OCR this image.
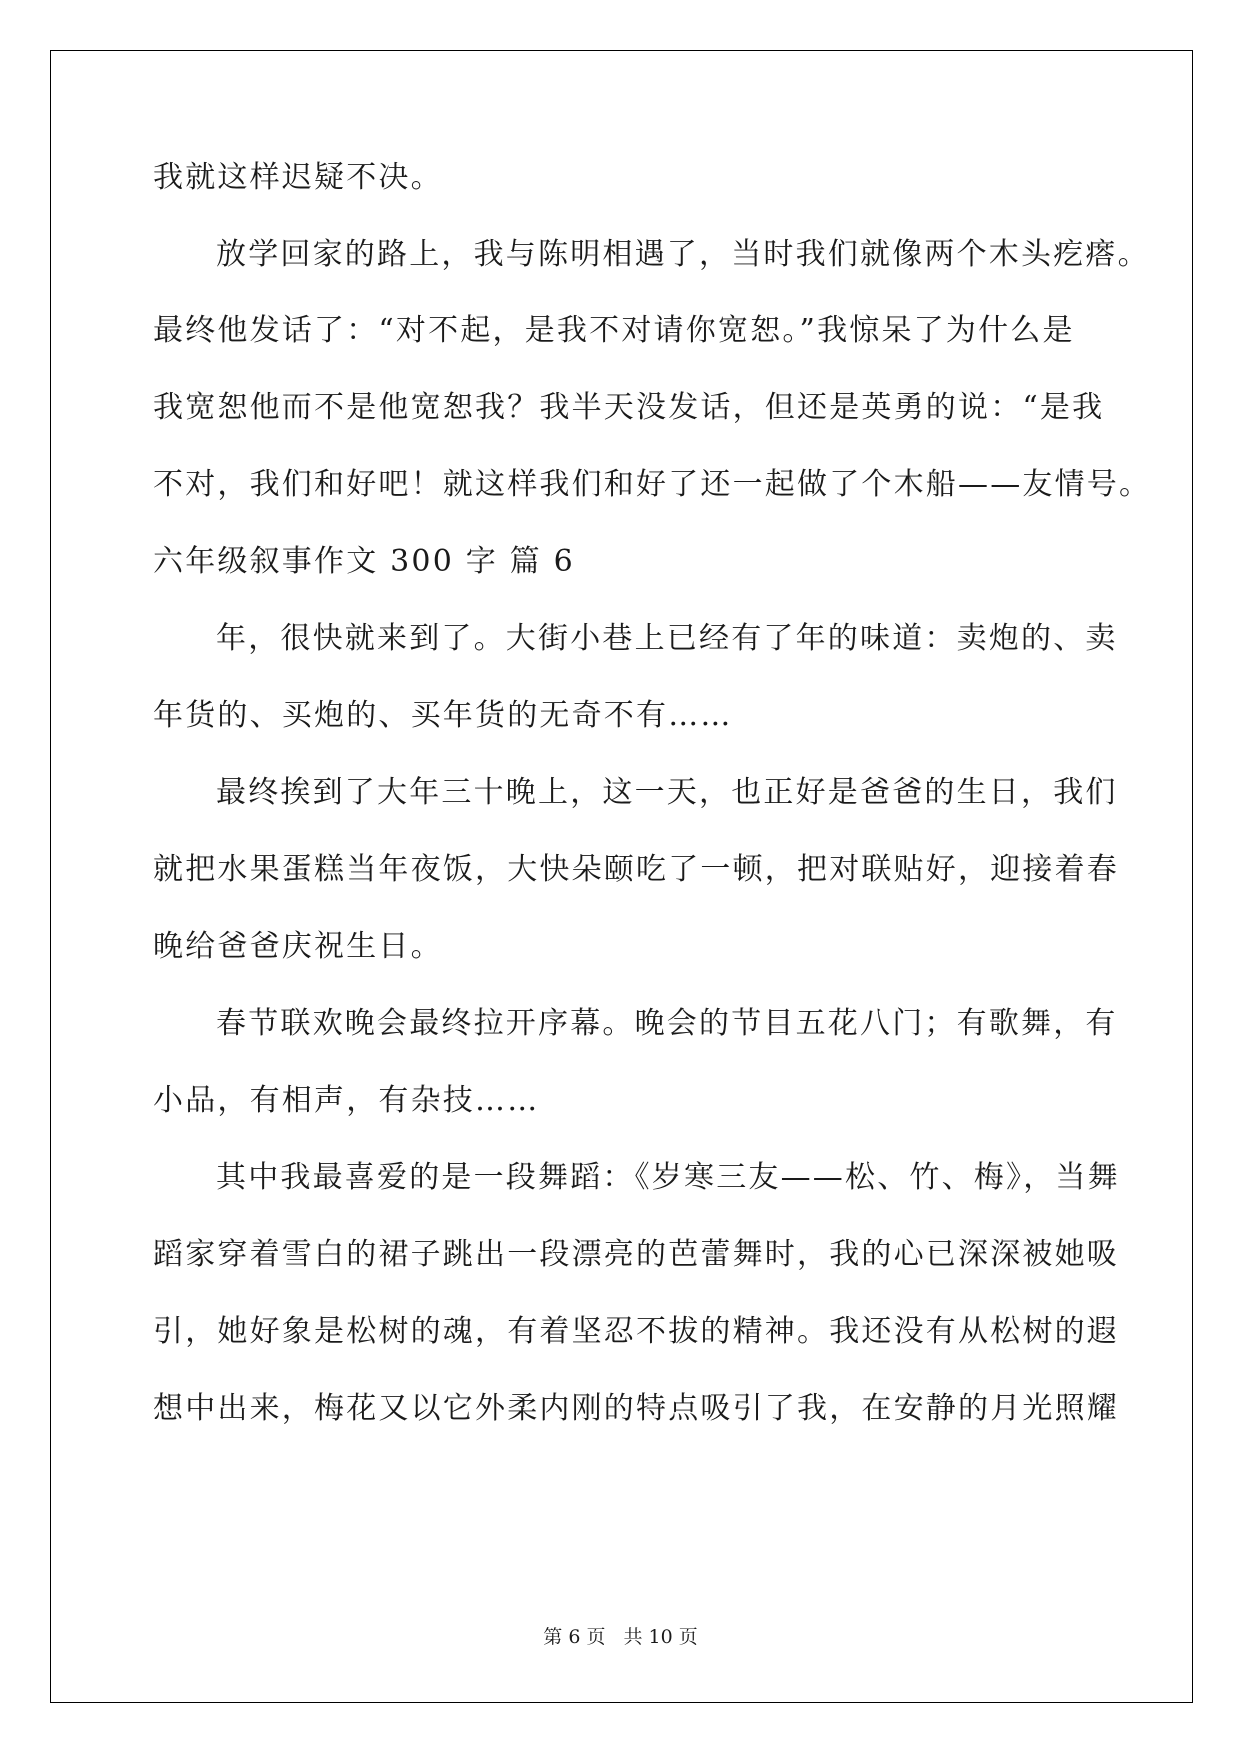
我就这样迟疑不决。
放学回家的路上，我与陈明相遇了，当时我们就像两个木头疙瘩。
最终他发话了：“对不起，是我不对请你宽恕。”我惊呆了为什么是
我宽恕他而不是他宽恕我？我半天没发话，但还是英勇的说：“是我
不对，我们和好吧！就这样我们和好了还一起做了个木船——友情号。
六年级叙事作文 300 字 篇 6
年，很快就来到了。大街小巷上已经有了年的味道：卖炮的、卖
年货的、买炮的、买年货的无奇不有……
最终挨到了大年三十晚上，这一天，也正好是爸爸的生日，我们
就把水果蛋糕当年夜饭，大快朵颐吃了一顿，把对联贴好，迎接着春
晚给爸爸庆祝生日。
春节联欢晚会最终拉开序幕。晚会的节目五花八门；有歌舞，有
小品，有相声，有杂技……
其中我最喜爱的是一段舞蹈：《岁寒三友——松、竹、梅》，当舞
蹈家穿着雪白的裙子跳出一段漂亮的芭蕾舞时，我的心已深深被她吸
引，她好象是松树的魂，有着坚忍不拔的精神。我还没有从松树的遐
想中出来，梅花又以它外柔内刚的特点吸引了我，在安静的月光照耀
第 6 页 共 10 页
